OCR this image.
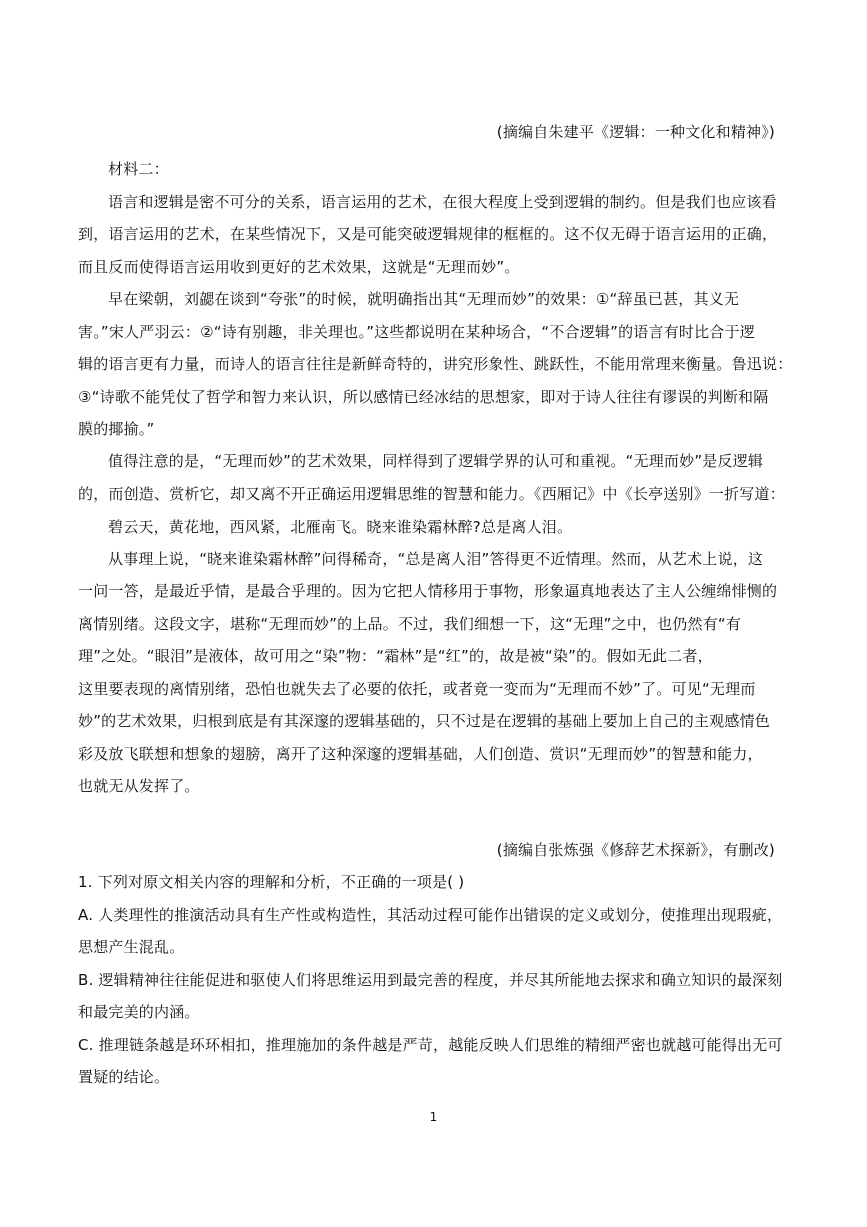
(摘编自朱建平《逻辑：一种文化和精神》)
材料二：
语言和逻辑是密不可分的关系，语言运用的艺术，在很大程度上受到逻辑的制约。但是我们也应该看
到，语言运用的艺术，在某些情况下，又是可能突破逻辑规律的框框的。这不仅无碍于语言运用的正确，
而且反而使得语言运用收到更好的艺术效果，这就是“无理而妙”。
早在梁朝，刘勰在谈到“夸张”的时候，就明确指出其“无理而妙”的效果：①“辞虽已甚，其义无
害。”宋人严羽云：②“诗有别趣，非关理也。”这些都说明在某种场合，“不合逻辑”的语言有时比合于逻
辑的语言更有力量，而诗人的语言往往是新鲜奇特的，讲究形象性、跳跃性，不能用常理来衡量。鲁迅说：
③“诗歌不能凭仗了哲学和智力来认识，所以感情已经冰结的思想家，即对于诗人往往有谬误的判断和隔
膜的揶揄。”
值得注意的是，“无理而妙”的艺术效果，同样得到了逻辑学界的认可和重视。“无理而妙”是反逻辑
的，而创造、赏析它，却又离不开正确运用逻辑思维的智慧和能力。《西厢记》中《长亭送别》一折写道：
碧云天，黄花地，西风紧，北雁南飞。晓来谁染霜林醉?总是离人泪。
从事理上说，“晓来谁染霜林醉”问得稀奇，“总是离人泪”答得更不近情理。然而，从艺术上说，这
一问一答，是最近乎情，是最合乎理的。因为它把人情移用于事物，形象逼真地表达了主人公缠绵悱恻的
离情别绪。这段文字，堪称“无理而妙”的上品。不过，我们细想一下，这“无理”之中，也仍然有“有
理”之处。“眼泪”是液体，故可用之“染”物：“霜林”是“红”的，故是被“染”的。假如无此二者，
这里要表现的离情别绪，恐怕也就失去了必要的依托，或者竟一变而为“无理而不妙”了。可见“无理而
妙”的艺术效果，归根到底是有其深邃的逻辑基础的，只不过是在逻辑的基础上要加上自己的主观感情色
彩及放飞联想和想象的翅膀，离开了这种深邃的逻辑基础，人们创造、赏识“无理而妙”的智慧和能力，
也就无从发挥了。
(摘编自张炼强《修辞艺术探新》，有删改)
1. 下列对原文相关内容的理解和分析，不正确的一项是( )
A. 人类理性的推演活动具有生产性或构造性，其活动过程可能作出错误的定义或划分，使推理出现瑕疵，
思想产生混乱。
B. 逻辑精神往往能促进和驱使人们将思维运用到最完善的程度，并尽其所能地去探求和确立知识的最深刻
和最完美的内涵。
C. 推理链条越是环环相扣，推理施加的条件越是严苛，越能反映人们思维的精细严密也就越可能得出无可
置疑的结论。
1
